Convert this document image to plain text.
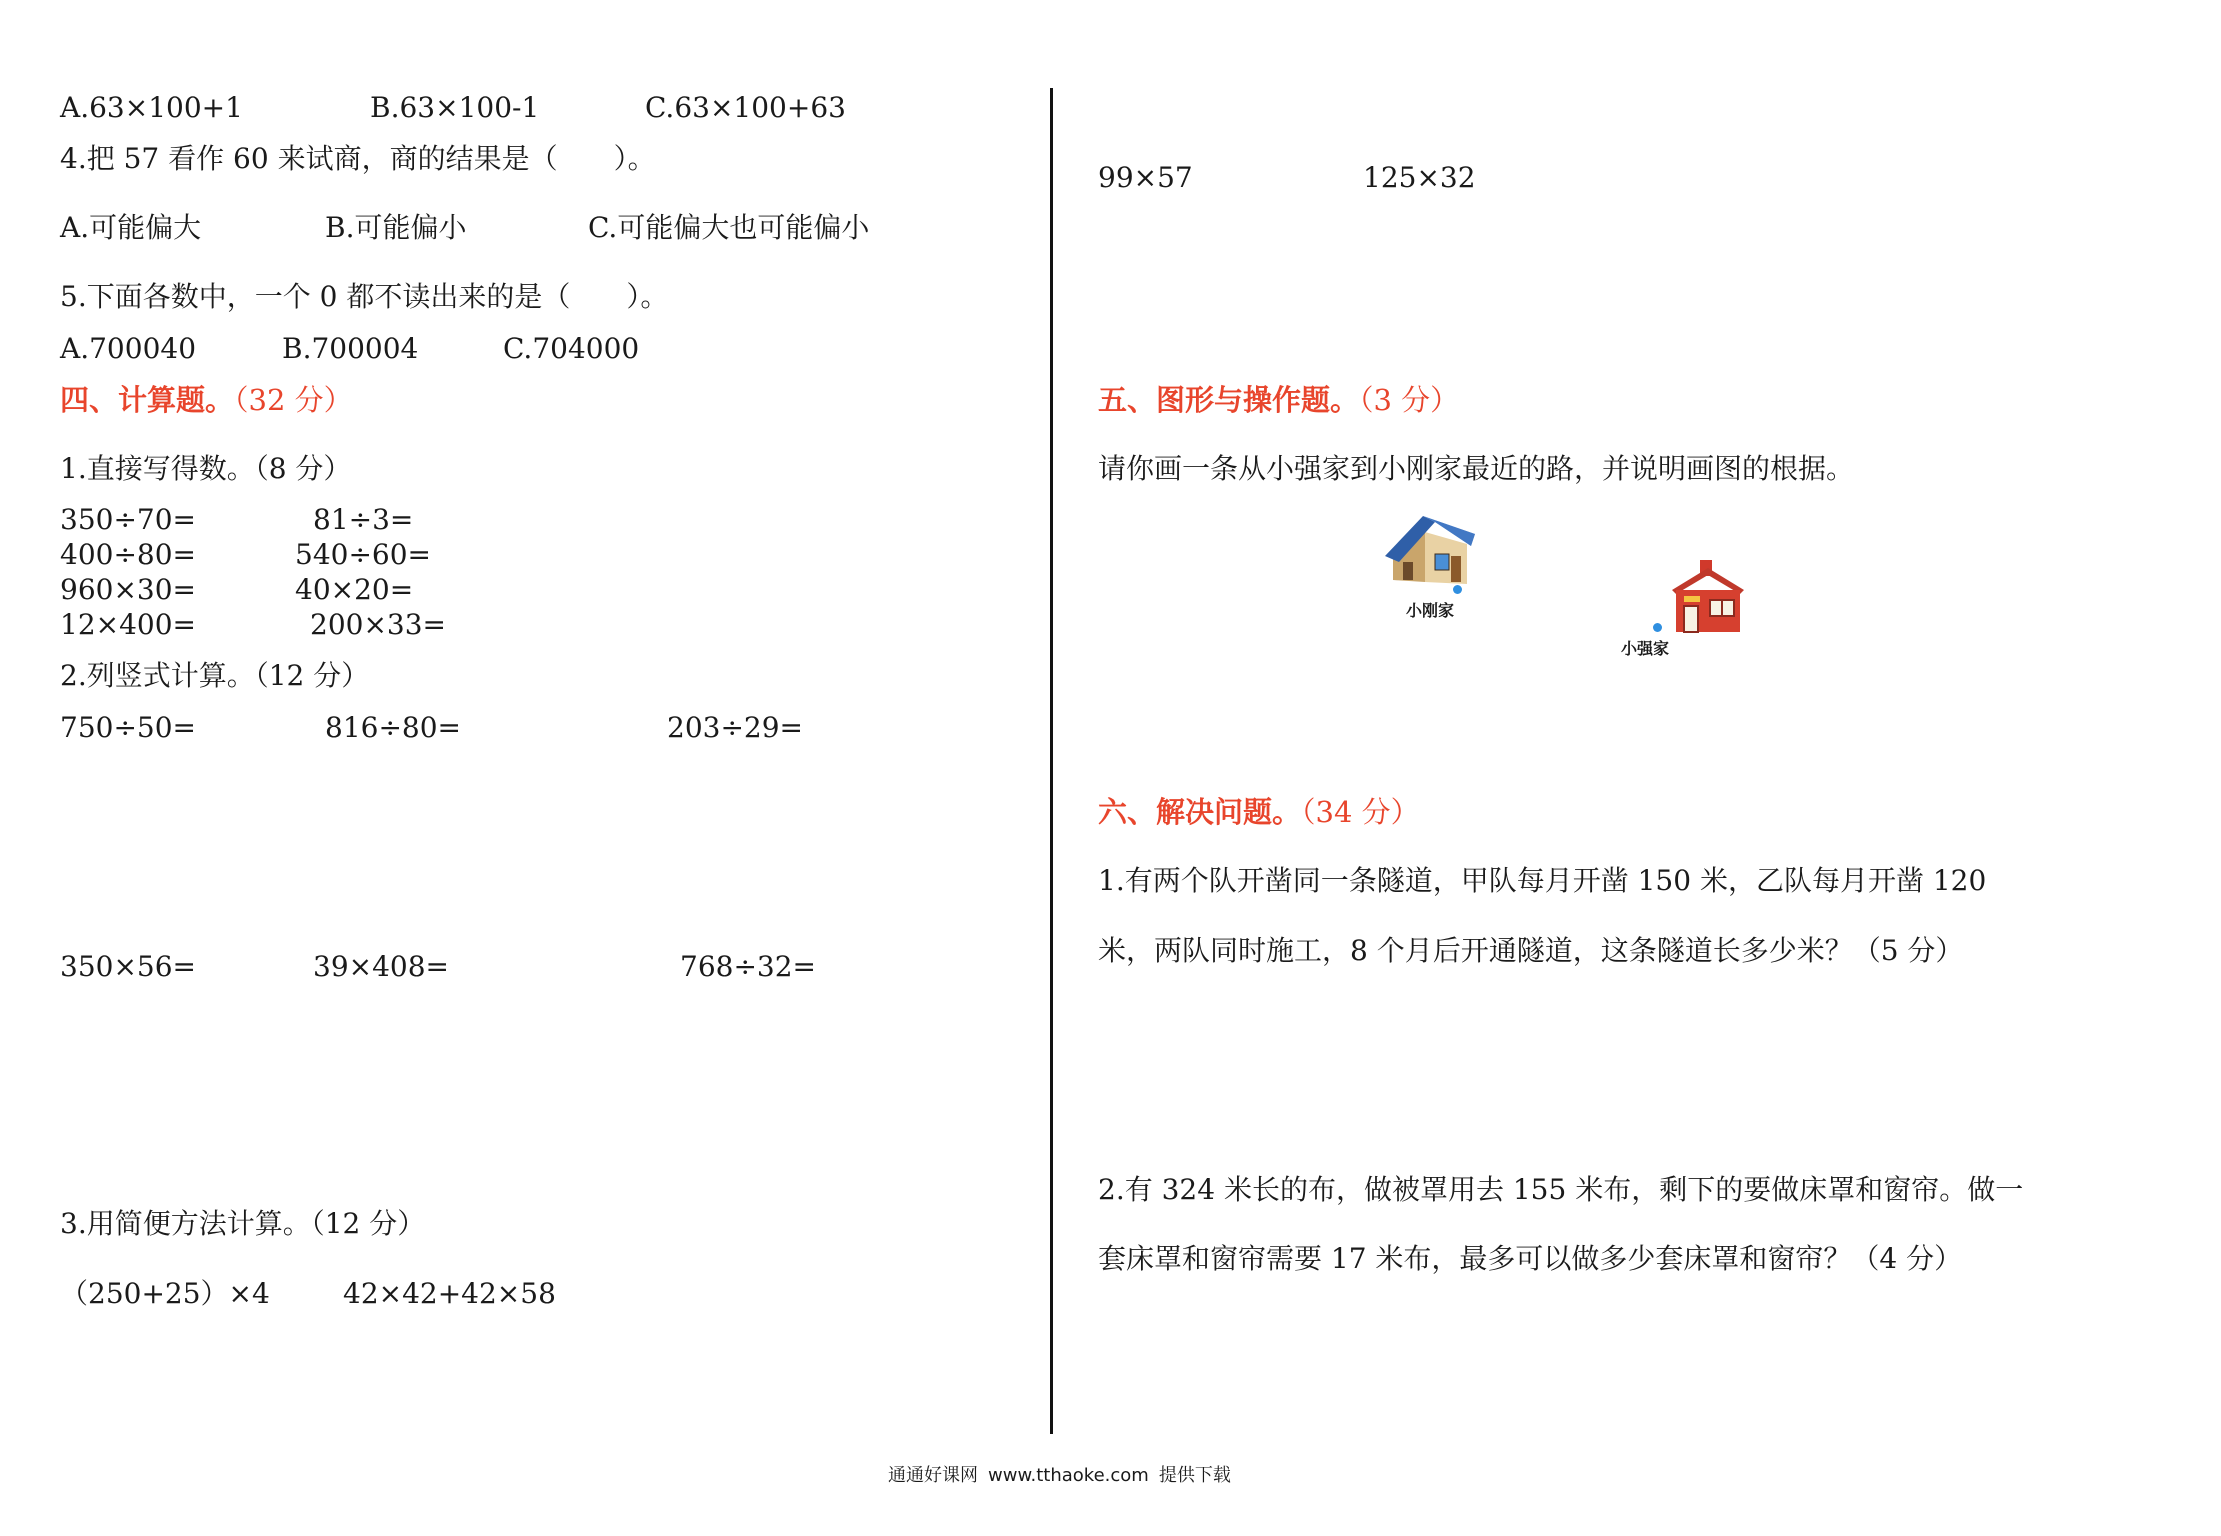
A.63×100+1	B.63×100-1	C.63×100+63
4.把 57 看作 60 来试商，商的结果是（　　）。
A.可能偏大	B.可能偏小	C.可能偏大也可能偏小
5.下面各数中，一个 0 都不读出来的是（　　）。
A.700040	B.700004	C.704000
四、计算题。（32 分）
1.直接写得数。（8 分）
350÷70=	81÷3=
400÷80=	540÷60=
960×30=	40×20=
12×400=	200×33=
2.列竖式计算。（12 分）
750÷50=	816÷80=	203÷29=
350×56=	39×408=	768÷32=
3.用简便方法计算。（12 分）
（250+25）×4	42×42+42×58
99×57	125×32
五、图形与操作题。（3 分）
请你画一条从小强家到小刚家最近的路，并说明画图的根据。
小刚家
小强家
六、解决问题。（34 分）
1.有两个队开凿同一条隧道，甲队每月开凿 150 米，乙队每月开凿 120
米，两队同时施工，8 个月后开通隧道，这条隧道长多少米？（5 分）
2.有 324 米长的布，做被罩用去 155 米布，剩下的要做床罩和窗帘。做一
套床罩和窗帘需要 17 米布，最多可以做多少套床罩和窗帘？（4 分）
通通好课网 www.tthaoke.com 提供下载
